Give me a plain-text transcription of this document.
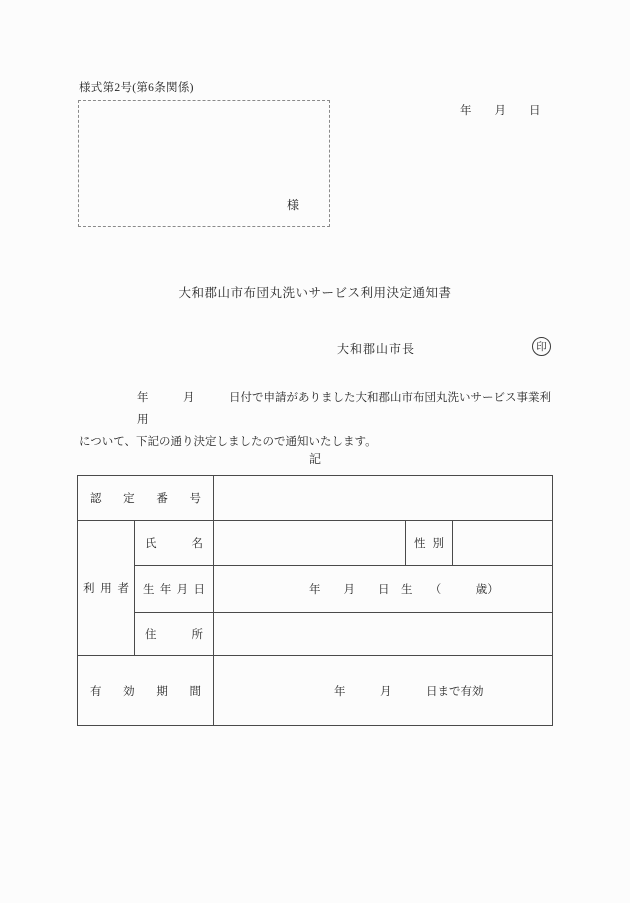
様式第2号(第6条関係)
様
年　　月　　日
大和郡山市布団丸洗いサービス利用決定通知書
大和郡山市長	印
年　　　月　　　日付で申請がありました大和郡山市布団丸洗いサービス事業利用
について、下記の通り決定しましたので通知いたします。
記
認　定　番　号				
利 用 者	氏　名		性 別	
	生 年 月 日	年　　月　　日　生　　（　　　歳）		
	住　所			
有　効　期　間		年　　　月　　　日まで有効		
